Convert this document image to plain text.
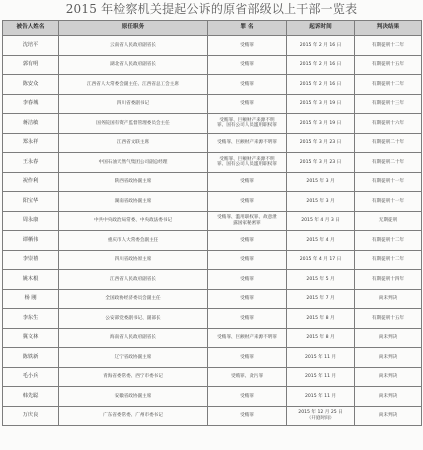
2015 年检察机关提起公诉的原省部级以上干部一览表
被告人姓名	原任职务	罪 名	起诉时间	判决结果
沈培平	云南省人民政府副省长	受贿罪	2015 年 2 月 16 日	有期徒刑十二年

郭有明	湖北省人民政府副省长	受贿罪	2015 年 2 月 16 日	有期徒刑十五年

陈安众	江西省人大常委会副主任、江西省总工会主席	受贿罪	2015 年 2 月 16 日	有期徒刑十二年

李春城	四川省委副书记	受贿罪	2015 年 3 月 19 日	有期徒刑十三年

蒋洁敏	国务院国有资产监督管理委员会主任	受贿罪、巨额财产来源不明
罪、国有公司人员滥用职权罪	2015 年 3 月 19 日	有期徒刑十六年

郑永祥	江西省文联主席	受贿罪、巨额财产来源不明罪	2015 年 3 月 23 日	有期徒刑二十年

王永春	中国石油天然气集团公司副总经理	受贿罪、巨额财产来源不明
罪、国有公司人员滥用职权罪	2015 年 3 月 23 日	有期徒刑二十年

祝作利	陕西省政协副主席	受贿罪	2015 年 3 月	有期徒刑十一年

阳宝华	湖南省政协副主席	受贿罪	2015 年 3 月	有期徒刑十一年

周永康	中共中央政治局常委、中央政法委书记	受贿罪、滥用职权罪、故意泄
露国家秘密罪	2015 年 4 月 3 日	无期徒刑

谭栖伟	重庆市人大常委会副主任	受贿罪	2015 年 4 月	有期徒刑十二年

李崇禧	四川省政协原主席	受贿罪	2015 年 4 月 17 日	有期徒刑十二年

姚木根	江西省人民政府副省长	受贿罪	2015 年 5 月	有期徒刑十四年

杨 刚	全国政协经济委员会副主任	受贿罪	2015 年 7 月	尚未判决

李东生	公安部党委副书记、副部长	受贿罪	2015 年 8 月	有期徒刑十五年

冀文林	海南省人民政府副省长	受贿罪、巨额财产来源不明罪	2015 年 8 月	尚未判决

陈铁新	辽宁省政协副主席	受贿罪	2015 年 11 月	尚未判决

毛小兵	青海省委常委、西宁市委书记	受贿罪、贪污罪	2015 年 11 月	尚未判决

韩先聪	安徽省政协副主席	受贿罪	2015 年 11 月	尚未判决

万庆良	广东省委常委、广州市委书记	受贿罪	2015 年 12 月 25 日
（开庭时间）	尚未判决
